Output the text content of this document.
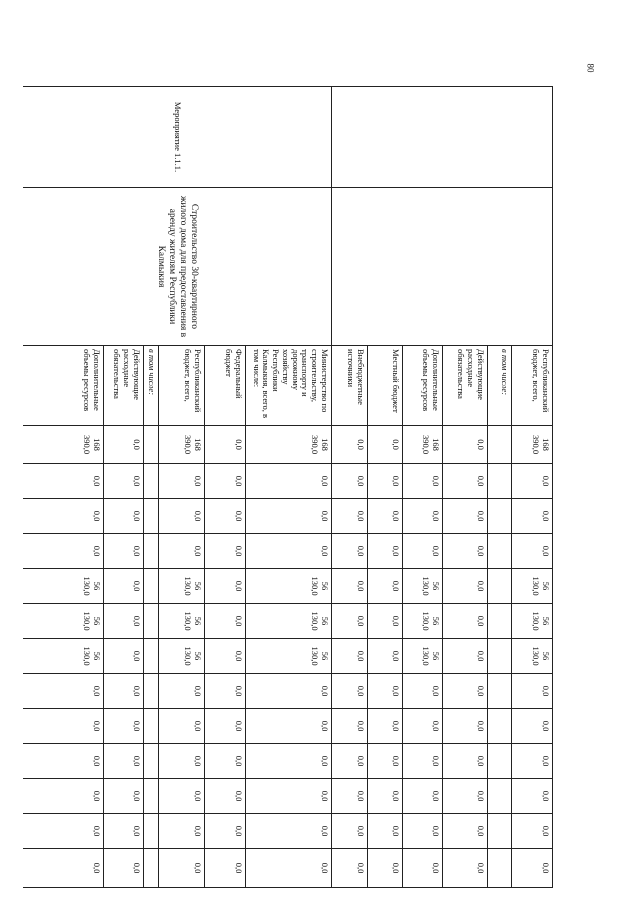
80
		Республиканский бюджет, всего,	168 390,0	0,0	0,0	0,0	56 130,0	56 130,0	56 130,0	0,0	0,0	0,0	0,0	0,0	0,0
		в том числе:													
		Действующие расходные обязательства	0,0	0,0	0,0	0,0	0,0	0,0	0,0	0,0	0,0	0,0	0,0	0,0	0,0
		Дополнительные объемы ресурсов	168 390,0	0,0	0,0	0,0	56 130,0	56 130,0	56 130,0	0,0	0,0	0,0	0,0	0,0	0,0
		Местный бюджет	0,0	0,0	0,0	0,0	0,0	0,0	0,0	0,0	0,0	0,0	0,0	0,0	0,0
		Внебюджетные источники	0,0	0,0	0,0	0,0	0,0	0,0	0,0	0,0	0,0	0,0	0,0	0,0	0,0
Мероприятие 1.1.1.	Строительство 30-квартирного жилого дома для предоставления в аренду жителям Республики Калмыкия	Министерство по строительству, транспорту и дорожному хозяйству Республики Калмыкия, всего, в том числе:	168 390,0	0,0	0,0	0,0	56 130,0	56 130,0	56 130,0	0,0	0,0	0,0	0,0	0,0	0,0
		Федеральный бюджет	0,0	0,0	0,0	0,0	0,0	0,0	0,0	0,0	0,0	0,0	0,0	0,0	0,0
		Республиканский бюджет, всего,	168 390,0	0,0	0,0	0,0	56 130,0	56 130,0	56 130,0	0,0	0,0	0,0	0,0	0,0	0,0
		в том числе:													
		Действующие расходные обязательства	0,0	0,0	0,0	0,0	0,0	0,0	0,0	0,0	0,0	0,0	0,0	0,0	0,0
		Дополнительные объемы ресурсов	168 390,0	0,0	0,0	0,0	56 130,0	56 130,0	56 130,0	0,0	0,0	0,0	0,0	0,0	0,0
